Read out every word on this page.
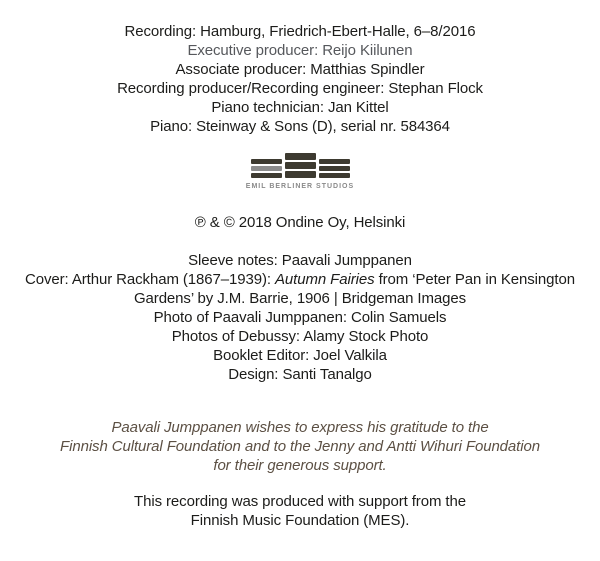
Recording: Hamburg, Friedrich-Ebert-Halle, 6–8/2016
Executive producer: Reijo Kiilunen
Associate producer: Matthias Spindler
Recording producer/Recording engineer: Stephan Flock
Piano technician: Jan Kittel
Piano: Steinway & Sons (D), serial nr. 584364
EMIL BERLINER STUDIOS
℗ & © 2018 Ondine Oy, Helsinki
Sleeve notes: Paavali Jumppanen
Cover: Arthur Rackham (1867–1939): Autumn Fairies from ‘Peter Pan in Kensington
Gardens’ by J.M. Barrie, 1906 | Bridgeman Images
Photo of Paavali Jumppanen: Colin Samuels
Photos of Debussy: Alamy Stock Photo
Booklet Editor: Joel Valkila
Design: Santi Tanalgo
Paavali Jumppanen wishes to express his gratitude to the
Finnish Cultural Foundation and to the Jenny and Antti Wihuri Foundation
for their generous support.
This recording was produced with support from the
Finnish Music Foundation (MES).
